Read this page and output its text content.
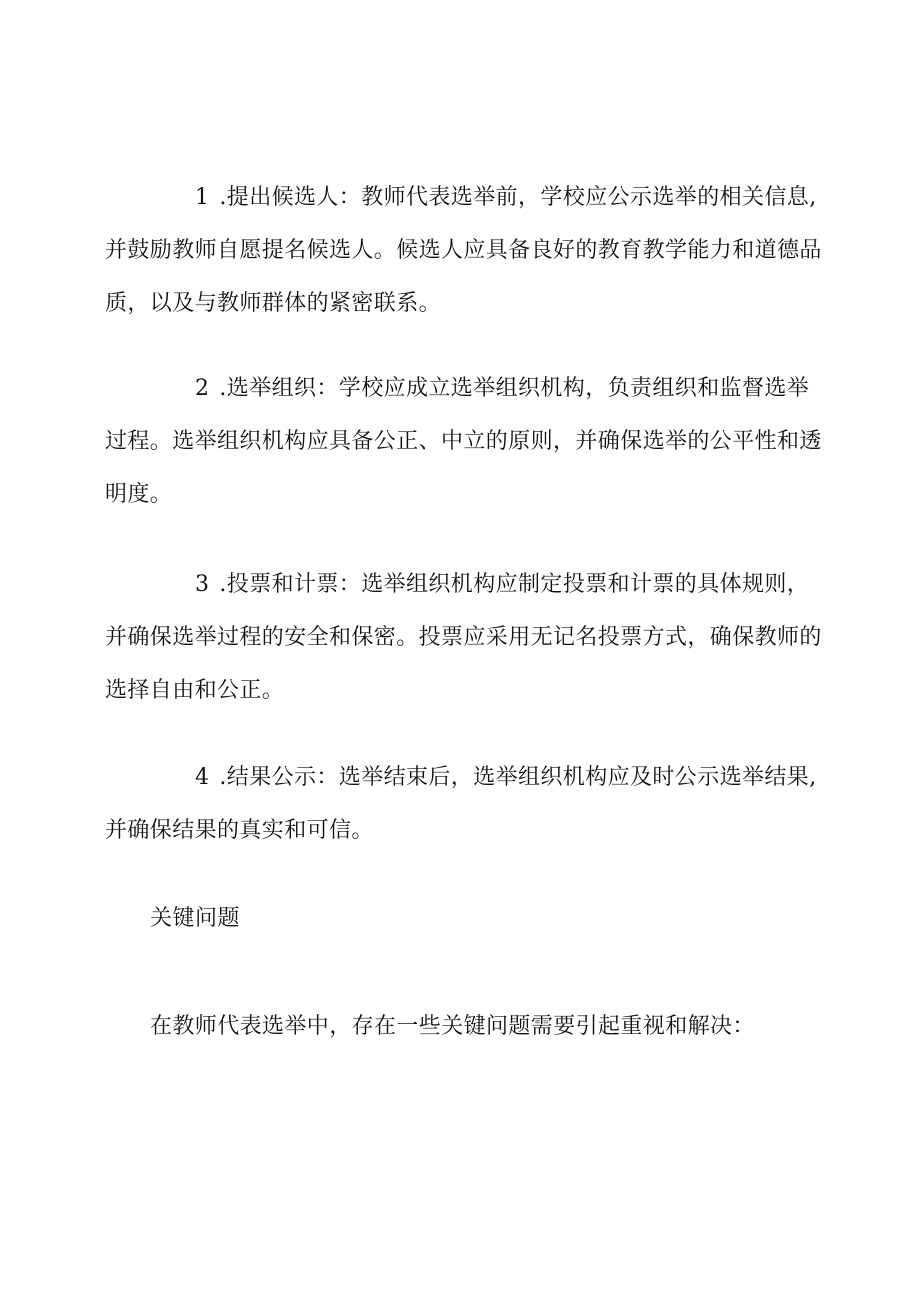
1 .提出候选人：教师代表选举前，学校应公示选举的相关信息,并鼓励教师自愿提名候选人。候选人应具备良好的教育教学能力和道德品质，以及与教师群体的紧密联系。

2 .选举组织：学校应成立选举组织机构，负责组织和监督选举过程。选举组织机构应具备公正、中立的原则，并确保选举的公平性和透明度。

3 .投票和计票：选举组织机构应制定投票和计票的具体规则，并确保选举过程的安全和保密。投票应采用无记名投票方式，确保教师的选择自由和公正。

4 .结果公示：选举结束后，选举组织机构应及时公示选举结果,并确保结果的真实和可信。

关键问题

在教师代表选举中，存在一些关键问题需要引起重视和解决：
